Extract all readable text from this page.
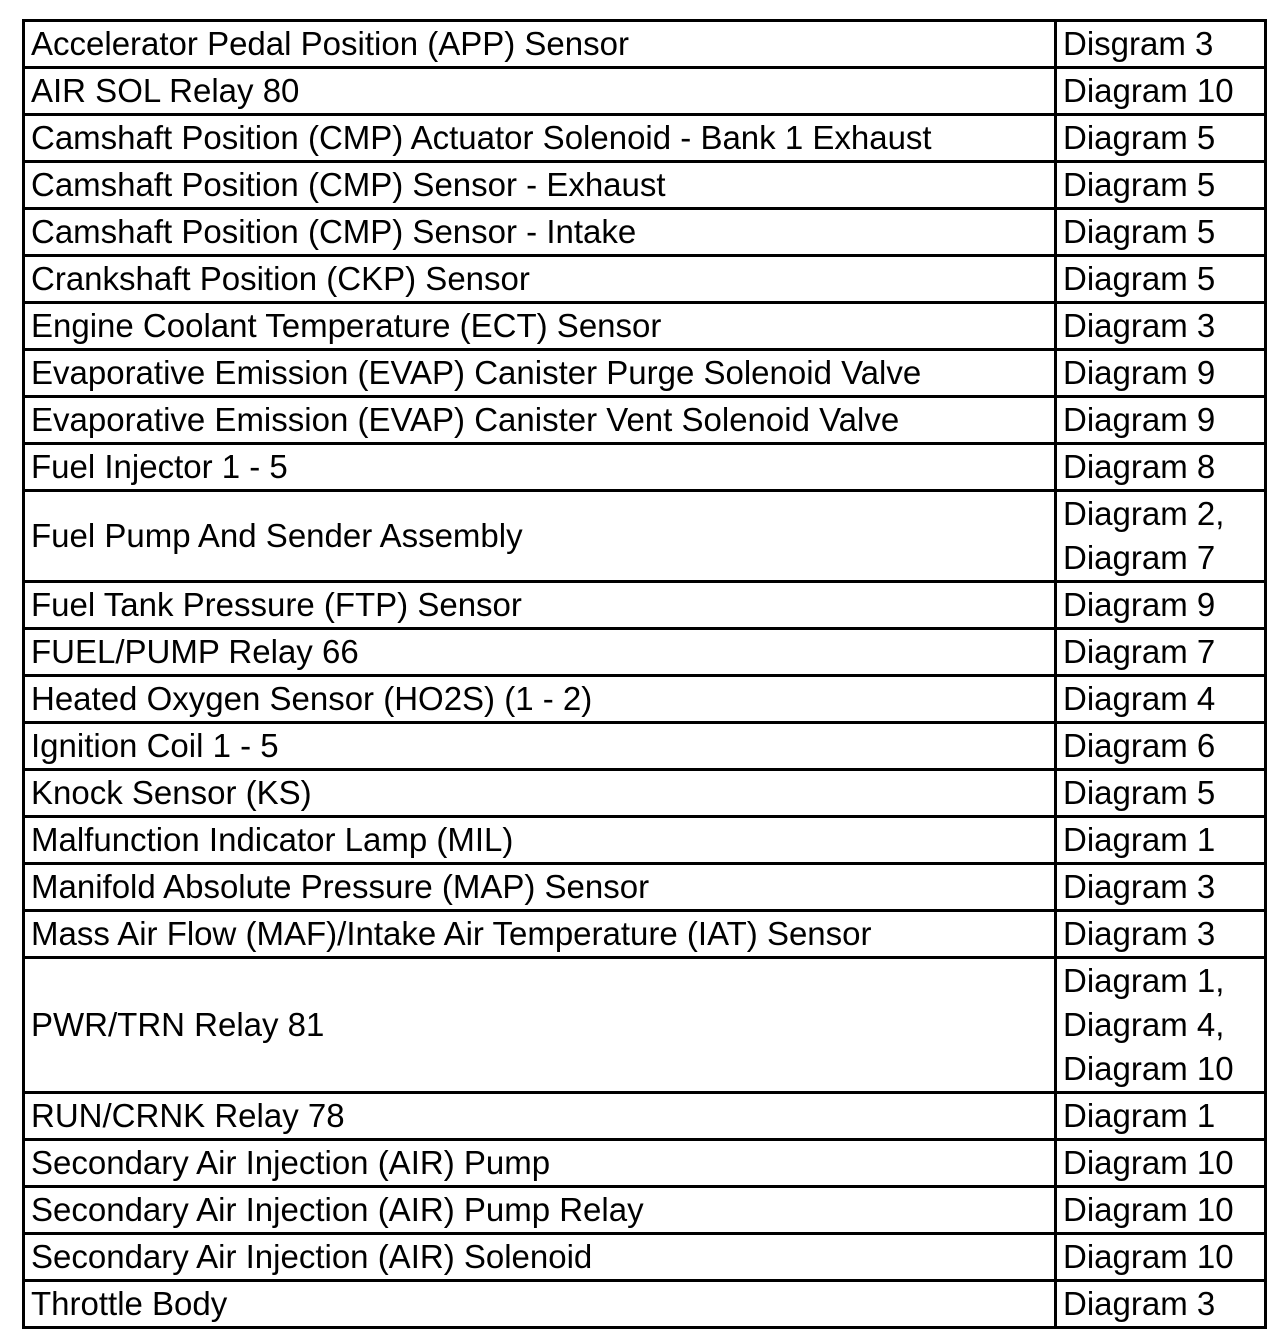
Accelerator Pedal Position (APP) Sensor	Disgram 3

AIR SOL Relay 80	Diagram 10

Camshaft Position (CMP) Actuator Solenoid - Bank 1 Exhaust	Diagram 5

Camshaft Position (CMP) Sensor - Exhaust	Diagram 5

Camshaft Position (CMP) Sensor - Intake	Diagram 5

Crankshaft Position (CKP) Sensor	Diagram 5

Engine Coolant Temperature (ECT) Sensor	Diagram 3

Evaporative Emission (EVAP) Canister Purge Solenoid Valve	Diagram 9

Evaporative Emission (EVAP) Canister Vent Solenoid Valve	Diagram 9

Fuel Injector 1 - 5	Diagram 8

Fuel Pump And Sender Assembly	Diagram 2,
Diagram 7

Fuel Tank Pressure (FTP) Sensor	Diagram 9

FUEL/PUMP Relay 66	Diagram 7

Heated Oxygen Sensor (HO2S) (1 - 2)	Diagram 4

Ignition Coil 1 - 5	Diagram 6

Knock Sensor (KS)	Diagram 5

Malfunction Indicator Lamp (MIL)	Diagram 1

Manifold Absolute Pressure (MAP) Sensor	Diagram 3

Mass Air Flow (MAF)/Intake Air Temperature (IAT) Sensor	Diagram 3

PWR/TRN Relay 81	Diagram 1,
Diagram 4,
Diagram 10

RUN/CRNK Relay 78	Diagram 1

Secondary Air Injection (AIR) Pump	Diagram 10

Secondary Air Injection (AIR) Pump Relay	Diagram 10

Secondary Air Injection (AIR) Solenoid	Diagram 10

Throttle Body	Diagram 3
